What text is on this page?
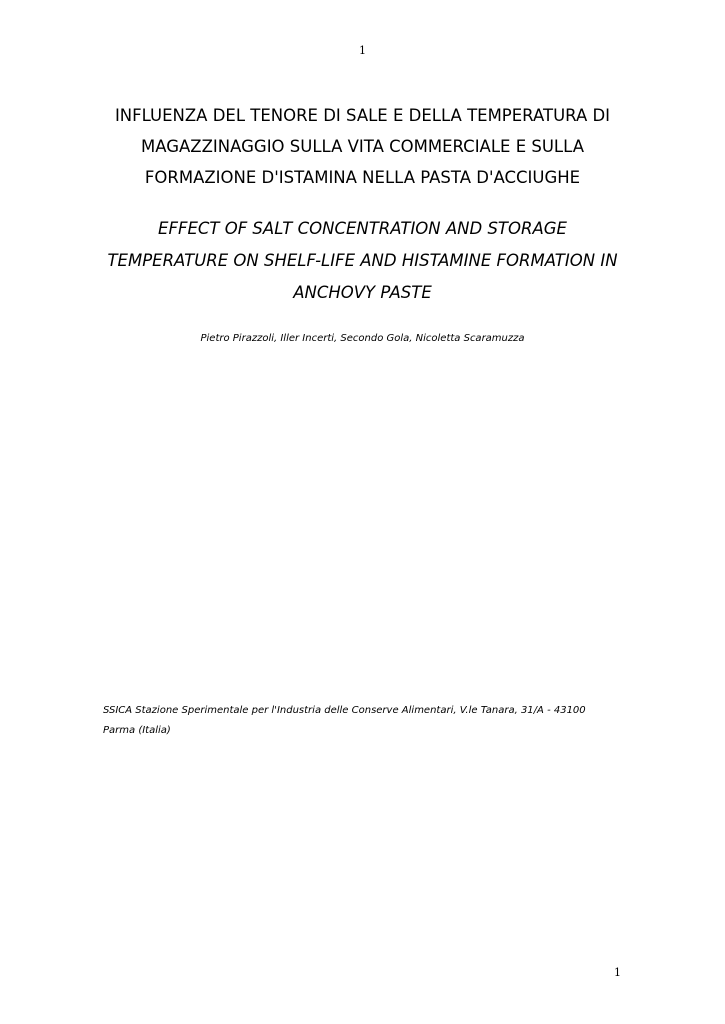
1
INFLUENZA DEL TENORE DI SALE E DELLA TEMPERATURA DI
MAGAZZINAGGIO SULLA VITA COMMERCIALE E SULLA
FORMAZIONE D'ISTAMINA NELLA PASTA D'ACCIUGHE
EFFECT OF SALT CONCENTRATION AND STORAGE
TEMPERATURE ON SHELF-LIFE AND HISTAMINE FORMATION IN
ANCHOVY PASTE
Pietro Pirazzoli, Iller Incerti, Secondo Gola, Nicoletta Scaramuzza
SSICA Stazione Sperimentale per l'Industria delle Conserve Alimentari, V.le Tanara, 31/A - 43100
Parma (Italia)
1
